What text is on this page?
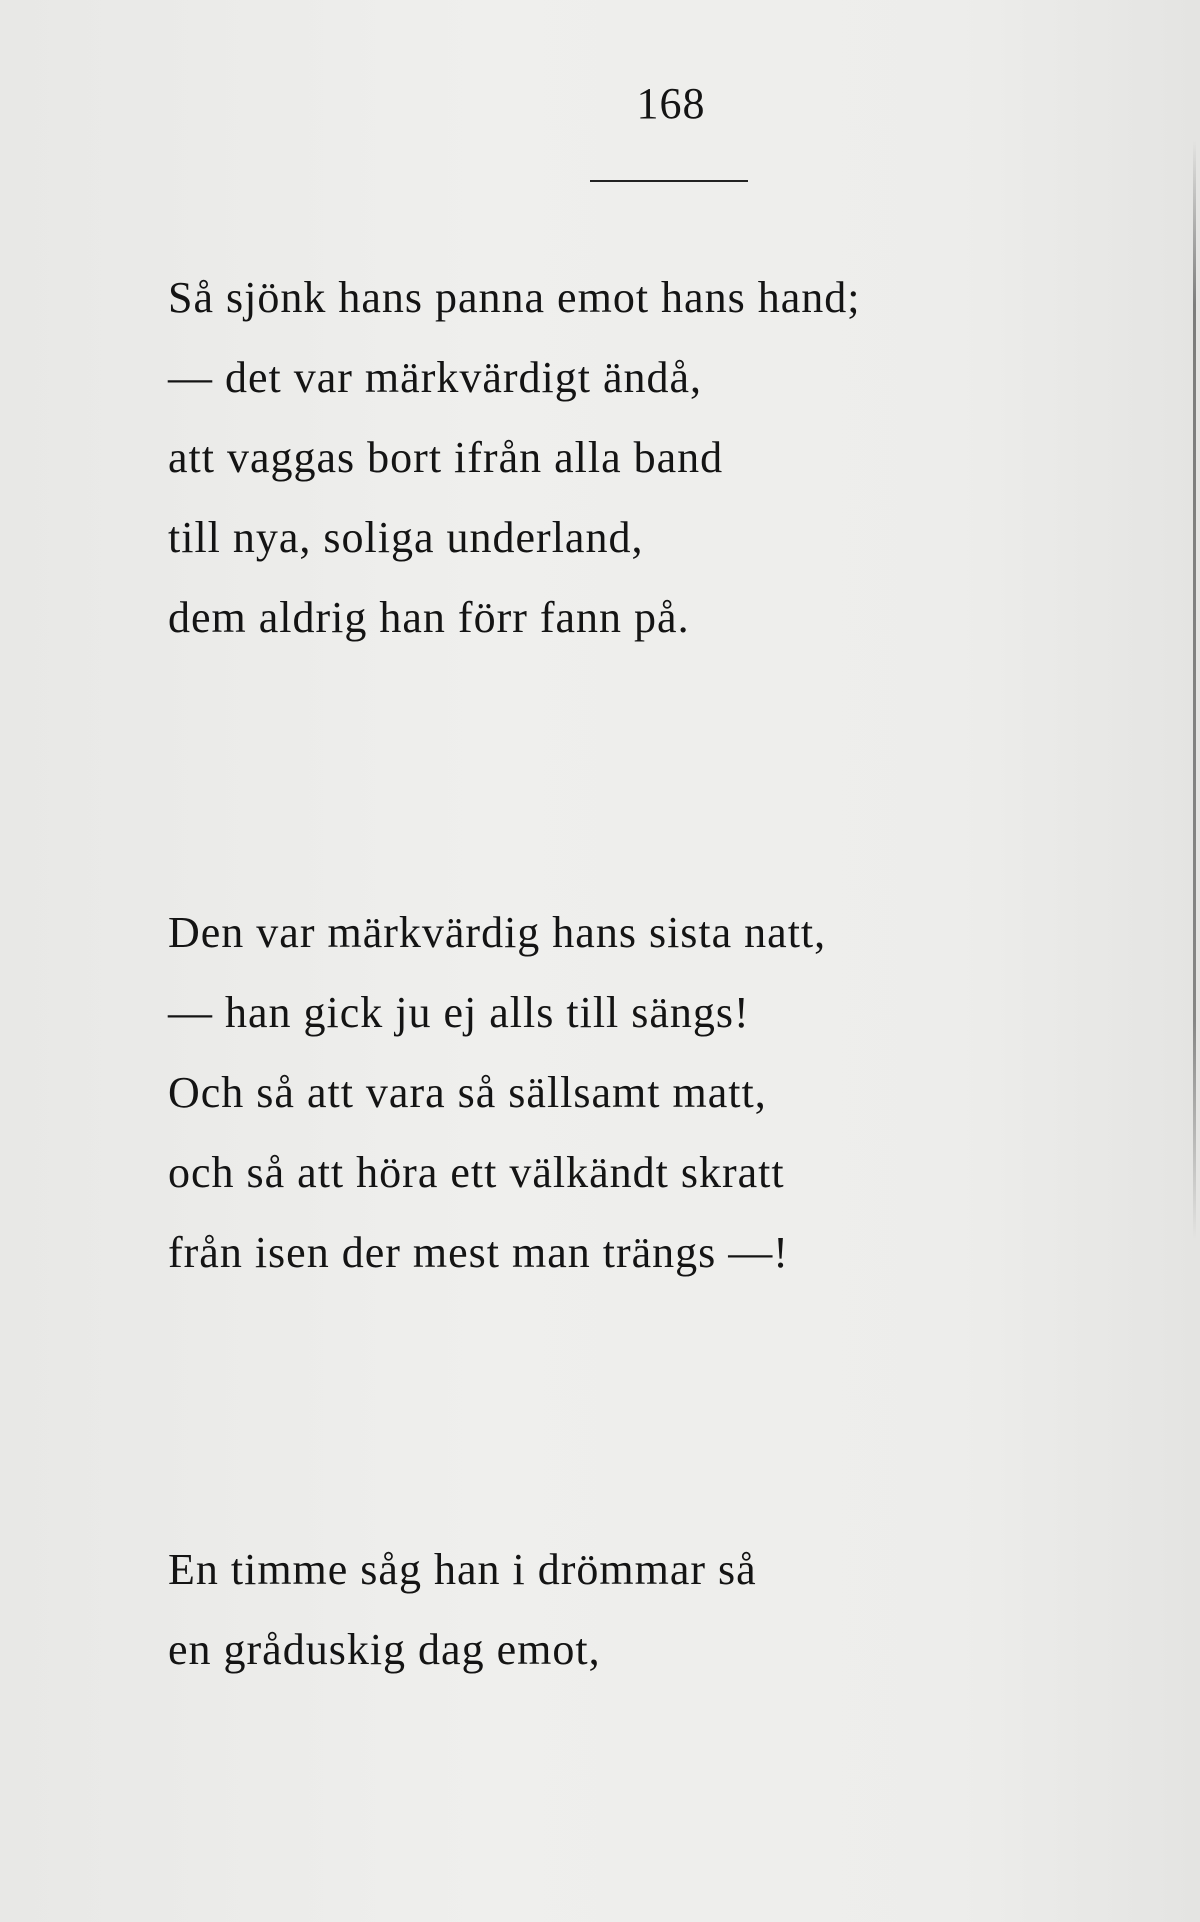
168
Så sjönk hans panna emot hans hand;
— det var märkvärdigt ändå,
att vaggas bort ifrån alla band
till nya, soliga underland,
dem aldrig han förr fann på.
Den var märkvärdig hans sista natt,
— han gick ju ej alls till sängs!
Och så att vara så sällsamt matt,
och så att höra ett välkändt skratt
från isen der mest man trängs —!
En timme såg han i drömmar så
en gråduskig dag emot,
